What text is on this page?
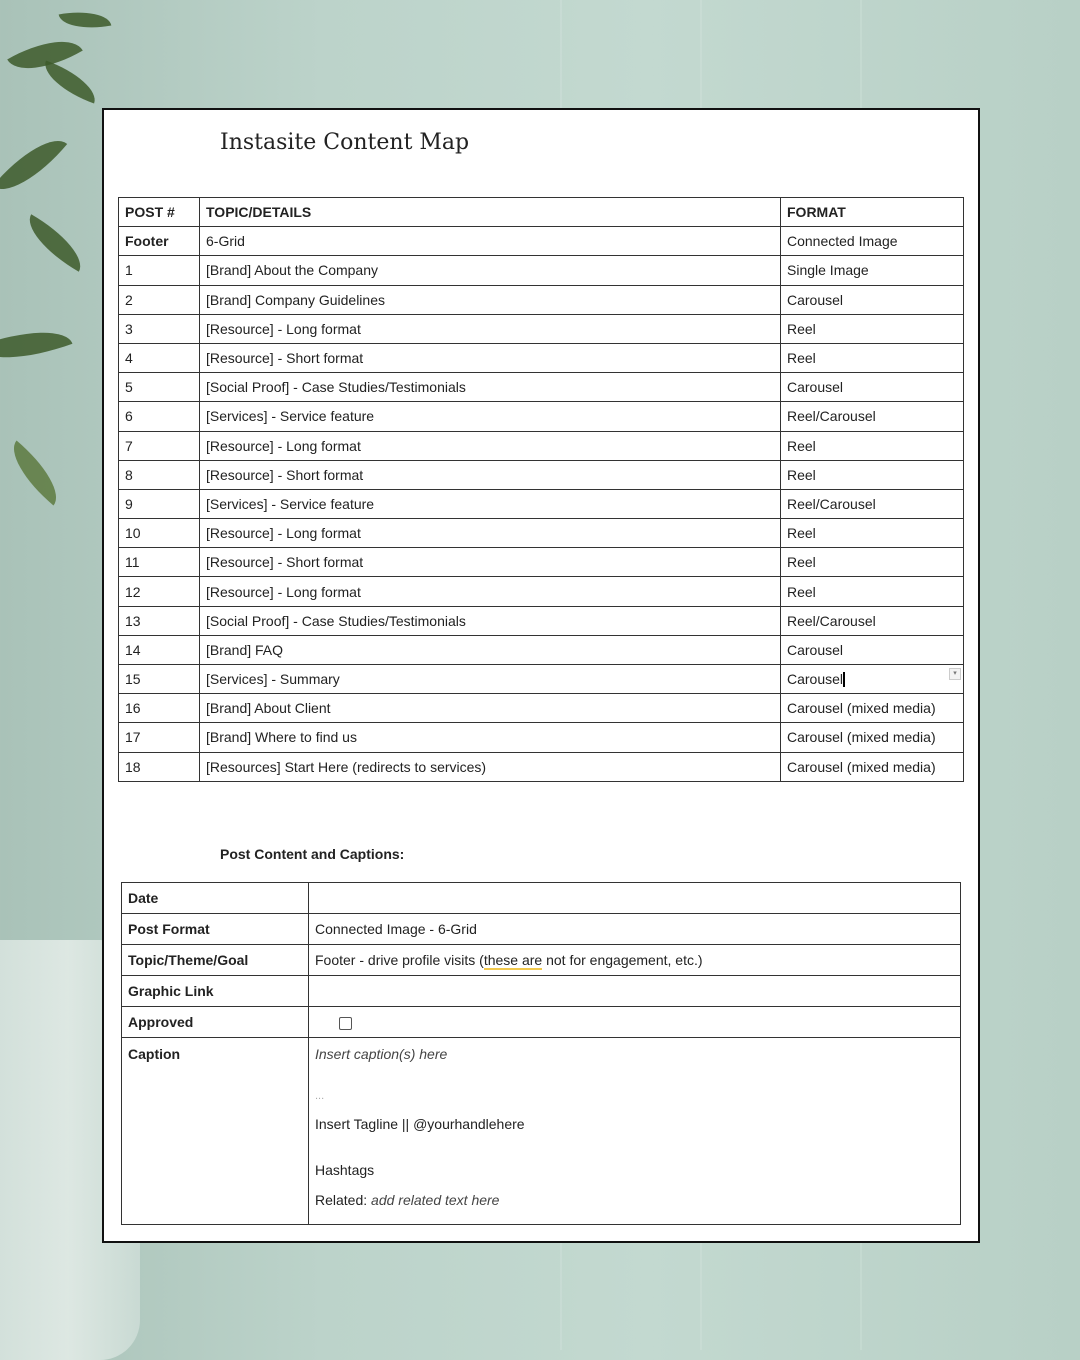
Instasite Content Map
POST #	TOPIC/DETAILS	FORMAT
Footer	6-Grid	Connected Image
1	[Brand] About the Company	Single Image
2	[Brand] Company Guidelines	Carousel
3	[Resource] - Long format	Reel
4	[Resource] - Short format	Reel
5	[Social Proof] - Case Studies/Testimonials	Carousel
6	[Services] - Service feature	Reel/Carousel
7	[Resource] - Long format	Reel
8	[Resource] - Short format	Reel
9	[Services] - Service feature	Reel/Carousel
10	[Resource] - Long format	Reel
11	[Resource] - Short format	Reel
12	[Resource] - Long format	Reel
13	[Social Proof] - Case Studies/Testimonials	Reel/Carousel
14	[Brand] FAQ	Carousel
15	[Services] - Summary	Carousel ▾

16	[Brand] About Client	Carousel (mixed media)
17	[Brand] Where to find us	Carousel (mixed media)
18	[Resources] Start Here (redirects to services)	Carousel (mixed media)
Post Content and Captions:
Date	
Post Format	Connected Image - 6-Grid
Topic/Theme/Goal	Footer - drive profile visits (these are not for engagement, etc.)
Graphic Link	
Approved	
Caption	Insert caption(s) here
...
Insert Tagline || @yourhandlehere
Hashtags
Related: add related text here
